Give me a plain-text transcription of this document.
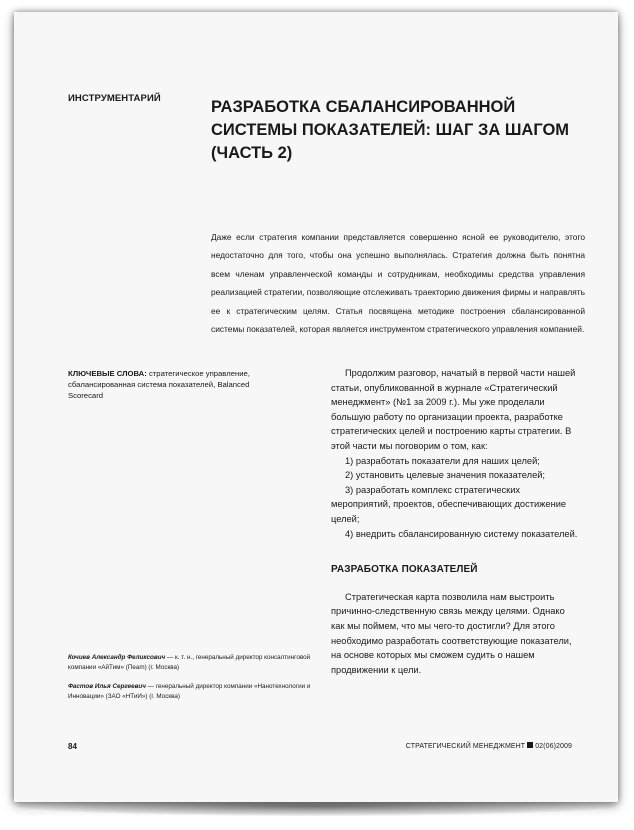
ИНСТРУМЕНТАРИЙ	РАЗРАБОТКА СБАЛАНСИРОВАННОЙ СИСТЕМЫ ПОКАЗАТЕЛЕЙ: ШАГ ЗА ШАГОМ (ЧАСТЬ 2)

Даже если стратегия компании представляется совершенно ясной ее руководителю, этого недостаточно для того, чтобы она успешно выполнялась. Стратегия должна быть понятна всем членам управленческой команды и сотрудникам, необходимы средства управления реализацией стратегии, позволяющие отслеживать траекторию движения фирмы и направлять ее к стратегическим целям. Статья посвящена методике построения сбалансированной системы показателей, которая является инструментом стратегического управления компанией.

КЛЮЧЕВЫЕ СЛОВА: стратегическое управление, сбалансированная система показателей, Balanced Scorecard

Продолжим разговор, начатый в первой части нашей статьи, опубликованной в журнале «Стратегический менеджмент» (№1 за 2009 г.). Мы уже проделали большую работу по организации проекта, разработке стратегических целей и построению карты стратегии. В этой части мы поговорим о том, как:

1) разработать показатели для наших целей;
2) установить целевые значения показателей;
3) разработать комплекс стратегических мероприятий, проектов, обеспечивающих достижение целей;
4) внедрить сбалансированную систему показателей.

РАЗРАБОТКА ПОКАЗАТЕЛЕЙ

Стратегическая карта позволила нам выстроить причинно-следственную связь между целями. Однако как мы поймем, что мы чего-то достигли? Для этого необходимо разработать соответствующие показатели, на основе которых мы сможем судить о нашем продвижении к цели.

Кочиев Александр Феликсович — к. т. н., генеральный директор консалтинговой компании «АйТим» (Пeam) (г. Москва)

Фастов Илья Сергеевич — генеральный директор компании «Нанотехнологии и Инновации» (ЗАО «НТиИ») (г. Москва)

84	СТРАТЕГИЧЕСКИЙ МЕНЕДЖМЕНТ 02(06)2009
